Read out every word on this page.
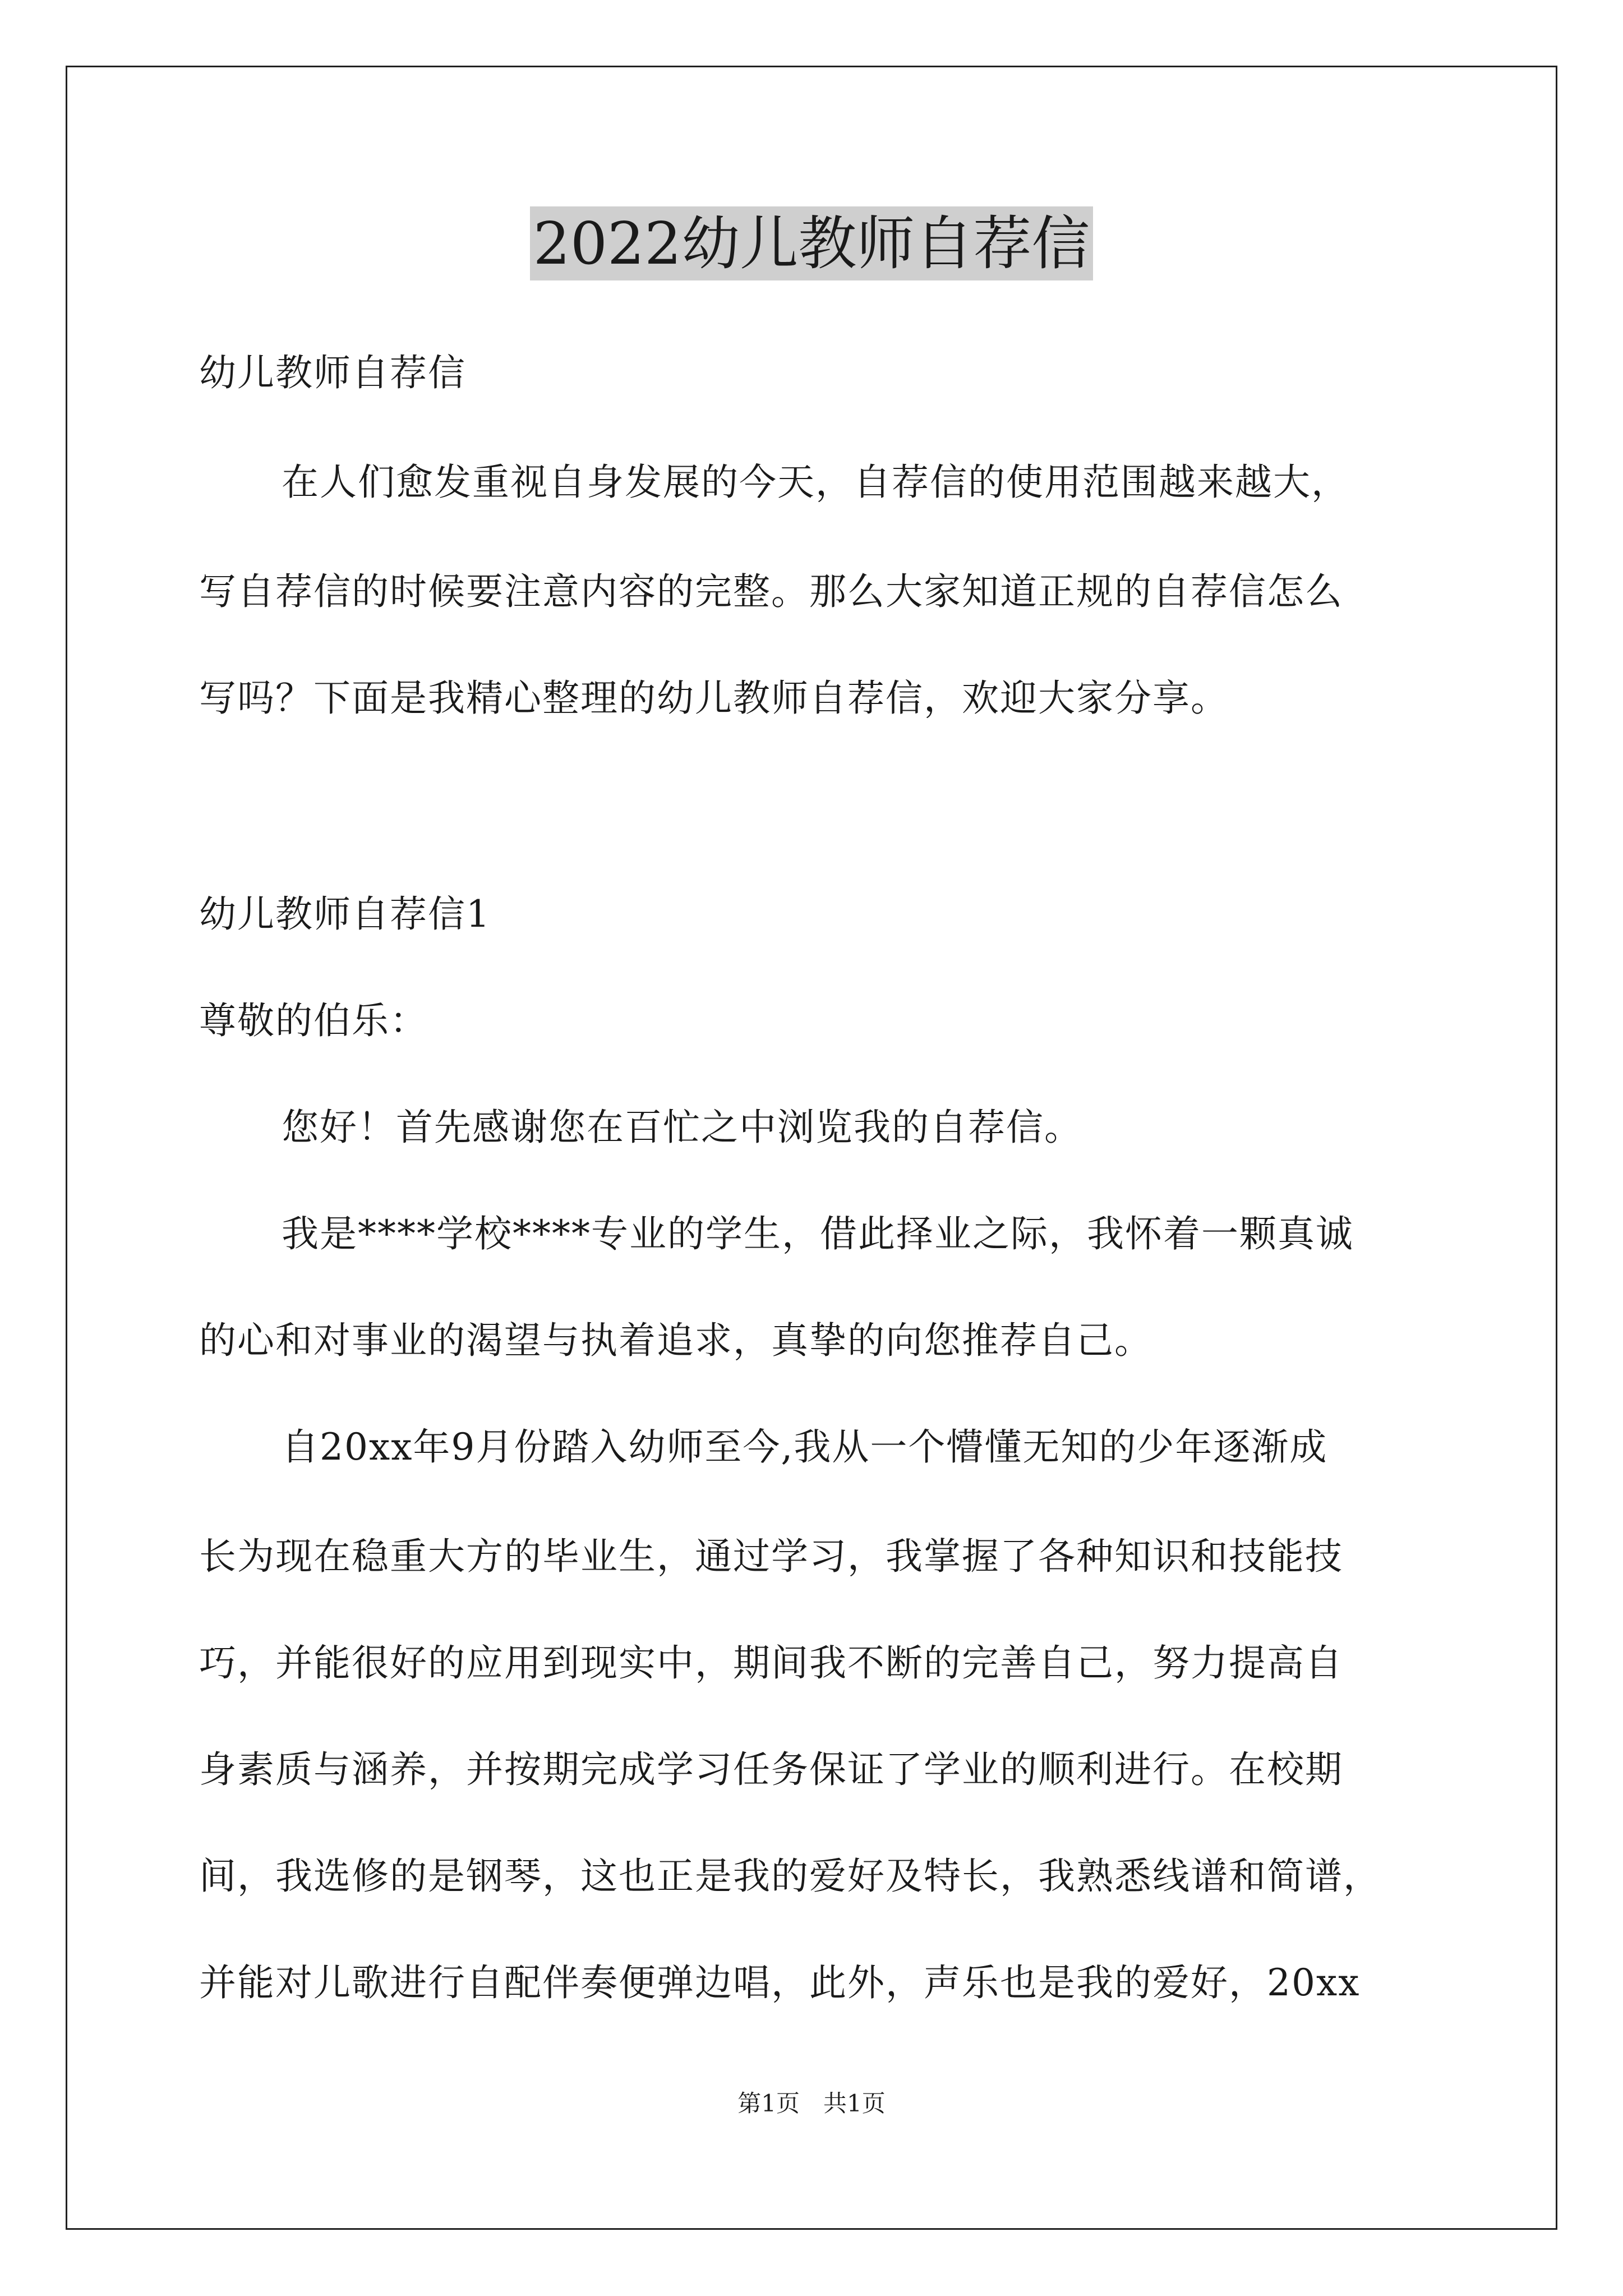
2022幼儿教师自荐信
幼儿教师自荐信
在人们愈发重视自身发展的今天，自荐信的使用范围越来越大，
写自荐信的时候要注意内容的完整。那么大家知道正规的自荐信怎么
写吗？下面是我精心整理的幼儿教师自荐信，欢迎大家分享。
幼儿教师自荐信1
尊敬的伯乐：
您好！首先感谢您在百忙之中浏览我的自荐信。
我是****学校****专业的学生，借此择业之际，我怀着一颗真诚
的心和对事业的渴望与执着追求，真挚的向您推荐自己。
自20xx年9月份踏入幼师至今,我从一个懵懂无知的少年逐渐成
长为现在稳重大方的毕业生，通过学习，我掌握了各种知识和技能技
巧，并能很好的应用到现实中，期间我不断的完善自己，努力提高自
身素质与涵养，并按期完成学习任务保证了学业的顺利进行。在校期
间，我选修的是钢琴，这也正是我的爱好及特长，我熟悉线谱和简谱，
并能对儿歌进行自配伴奏便弹边唱，此外，声乐也是我的爱好，20xx
第1页　共1页
